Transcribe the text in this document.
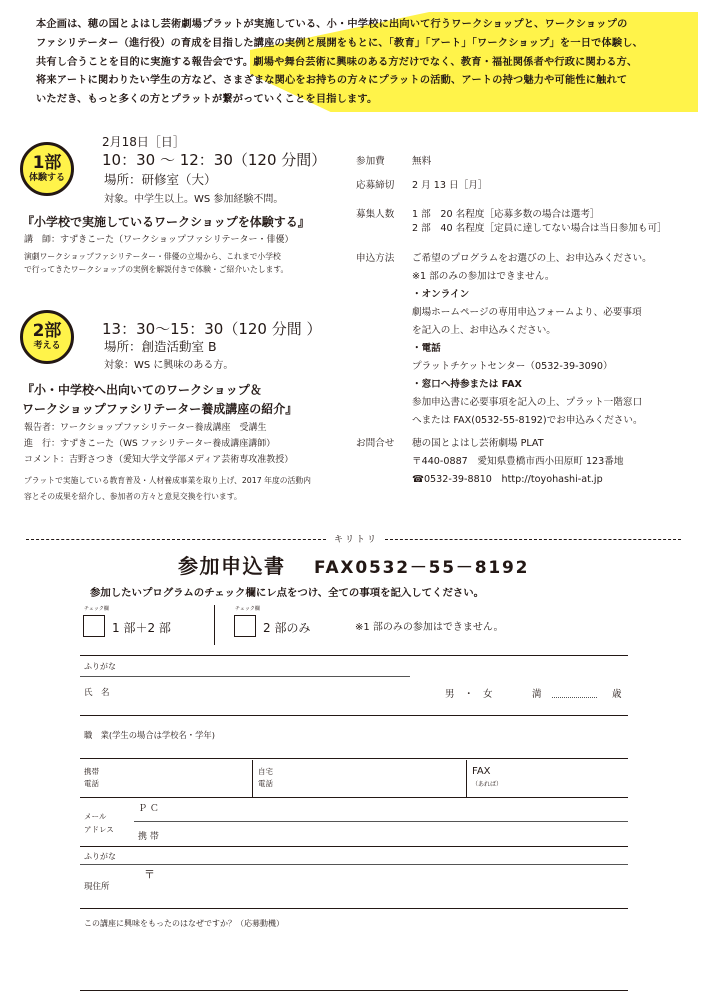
本企画は、穂の国とよはし芸術劇場プラットが実施している、小・中学校に出向いて行うワークショップと、ワークショップの
ファシリテーター（進行役）の育成を目指した講座の実例と展開をもとに、「教育」「アート」「ワークショップ」を一日で体験し、
共有し合うことを目的に実施する報告会です。劇場や舞台芸術に興味のある方だけでなく、教育・福祉関係者や行政に関わる方、
将来アートに関わりたい学生の方など、さまざまな関心をお持ちの方々にプラットの活動、アートの持つ魅力や可能性に触れて
いただき、もっと多くの方とプラットが繋がっていくことを目指します。
1部
体験する
2月18日［日］
10：30 〜 12：30（120 分間）
場所：研修室（大）
対象。中学生以上。WS 参加経験不問。
『小学校で実施しているワークショップを体験する』
講　師：すずきこーた（ワークショップファシリテーター・俳優）
演劇ワークショップファシリテーター・俳優の立場から、これまで小学校
で行ってきたワークショップの実例を解説付きで体験・ご紹介いたします。
2部
考える
13：30〜15：30（120 分間 ）
場所：創造活動室 B
対象：WS に興味のある方。
『小・中学校へ出向いてのワークショップ＆
ワークショップファシリテーター養成講座の紹介』
報告者：ワークショップファシリテーター養成講座　受講生
進　行：すずきこーた（WS ファシリテーター養成講座講師）
コメント：吉野さつき（愛知大学文学部メディア芸術専攻准教授）
プラットで実施している教育普及・人材養成事業を取り上げ、2017 年度の活動内
容とその成果を紹介し、参加者の方々と意見交換を行います。
参加費	無料
応募締切 2 月 13 日［月］
募集人数 1 部　20 名程度［応募多数の場合は選考］
2 部　40 名程度［定員に達してない場合は当日参加も可］
申込方法 ご希望のプログラムをお選びの上、お申込みください。
※1 部のみの参加はできません。
・オンライン
劇場ホームページの専用申込フォームより、必要事項
を記入の上、お申込みください。
・電話
プラットチケットセンター（0532-39-3090）
・窓口へ持参または FAX
参加申込書に必要事項を記入の上、プラット一階窓口
へまたは FAX(0532-55-8192)でお申込みください。
お問合せ 穂の国とよはし芸術劇場 PLAT
〒440-0887　愛知県豊橋市西小田原町 123番地
☎0532-39-8810　http://toyohashi-at.jp
キリトリ
参加申込書 FAX0532－55－8192
参加したいプログラムのチェック欄にレ点をつけ、全ての事項を記入してください。
チェック欄
1 部＋2 部
チェック欄
2 部のみ	※1 部のみの参加はできません。
ふりがな
氏　名	男　・　女	満	歳
職　業(学生の場合は学校名・学年)
携帯
電話
自宅
電話
FAX
（あれば）
Ｐ Ｃ
メール
アドレス
携 帯
ふりがな
〒
現住所
この講座に興味をもったのはなぜですか？（応募動機）
